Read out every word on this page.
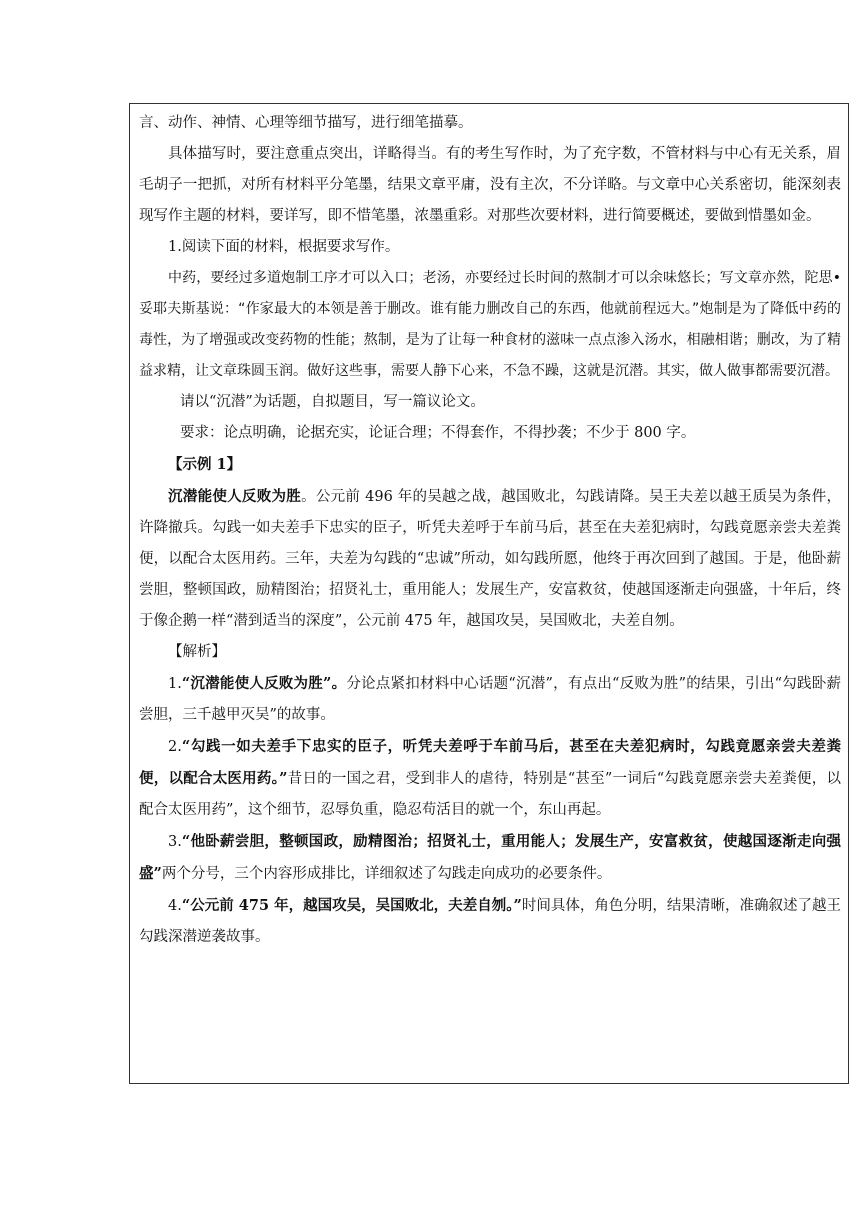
言、动作、神情、心理等细节描写，进行细笔描摹。

具体描写时，要注意重点突出，详略得当。有的考生写作时，为了充字数，不管材料与中心有无关系，眉毛胡子一把抓，对所有材料平分笔墨，结果文章平庸，没有主次，不分详略。与文章中心关系密切，能深刻表现写作主题的材料，要详写，即不惜笔墨，浓墨重彩。对那些次要材料，进行简要概述，要做到惜墨如金。

1.阅读下面的材料，根据要求写作。

中药，要经过多道炮制工序才可以入口；老汤，亦要经过长时间的熬制才可以余味悠长；写文章亦然，陀思•妥耶夫斯基说：“作家最大的本领是善于删改。谁有能力删改自己的东西，他就前程远大。”炮制是为了降低中药的毒性，为了增强或改变药物的性能；熬制，是为了让每一种食材的滋味一点点渗入汤水，相融相谐；删改，为了精益求精，让文章珠圆玉润。做好这些事，需要人静下心来，不急不躁，这就是沉潜。其实，做人做事都需要沉潜。

请以“沉潜”为话题，自拟题目，写一篇议论文。

要求：论点明确，论据充实，论证合理；不得套作，不得抄袭；不少于 800 字。

【示例 1】

沉潜能使人反败为胜。公元前 496 年的吴越之战，越国败北，勾践请降。吴王夫差以越王质吴为条件，许降撤兵。勾践一如夫差手下忠实的臣子，听凭夫差呼于车前马后，甚至在夫差犯病时，勾践竟愿亲尝夫差粪便，以配合太医用药。三年，夫差为勾践的“忠诚”所动，如勾践所愿，他终于再次回到了越国。于是，他卧薪尝胆，整顿国政，励精图治；招贤礼士，重用能人；发展生产，安富救贫，使越国逐渐走向强盛，十年后，终于像企鹅一样“潜到适当的深度”，公元前 475 年，越国攻吴，吴国败北，夫差自刎。

【解析】

1.“沉潜能使人反败为胜”。分论点紧扣材料中心话题“沉潜”，有点出“反败为胜”的结果，引出“勾践卧薪尝胆，三千越甲灭吴”的故事。

2.“勾践一如夫差手下忠实的臣子，听凭夫差呼于车前马后，甚至在夫差犯病时，勾践竟愿亲尝夫差粪便，以配合太医用药。”昔日的一国之君，受到非人的虐待，特别是“甚至”一词后“勾践竟愿亲尝夫差粪便，以配合太医用药”，这个细节，忍辱负重，隐忍苟活目的就一个，东山再起。

3.“他卧薪尝胆，整顿国政，励精图治；招贤礼士，重用能人；发展生产，安富救贫，使越国逐渐走向强盛”两个分号，三个内容形成排比，详细叙述了勾践走向成功的必要条件。

4.“公元前 475 年，越国攻吴，吴国败北，夫差自刎。”时间具体，角色分明，结果清晰，准确叙述了越王勾践深潜逆袭故事。
